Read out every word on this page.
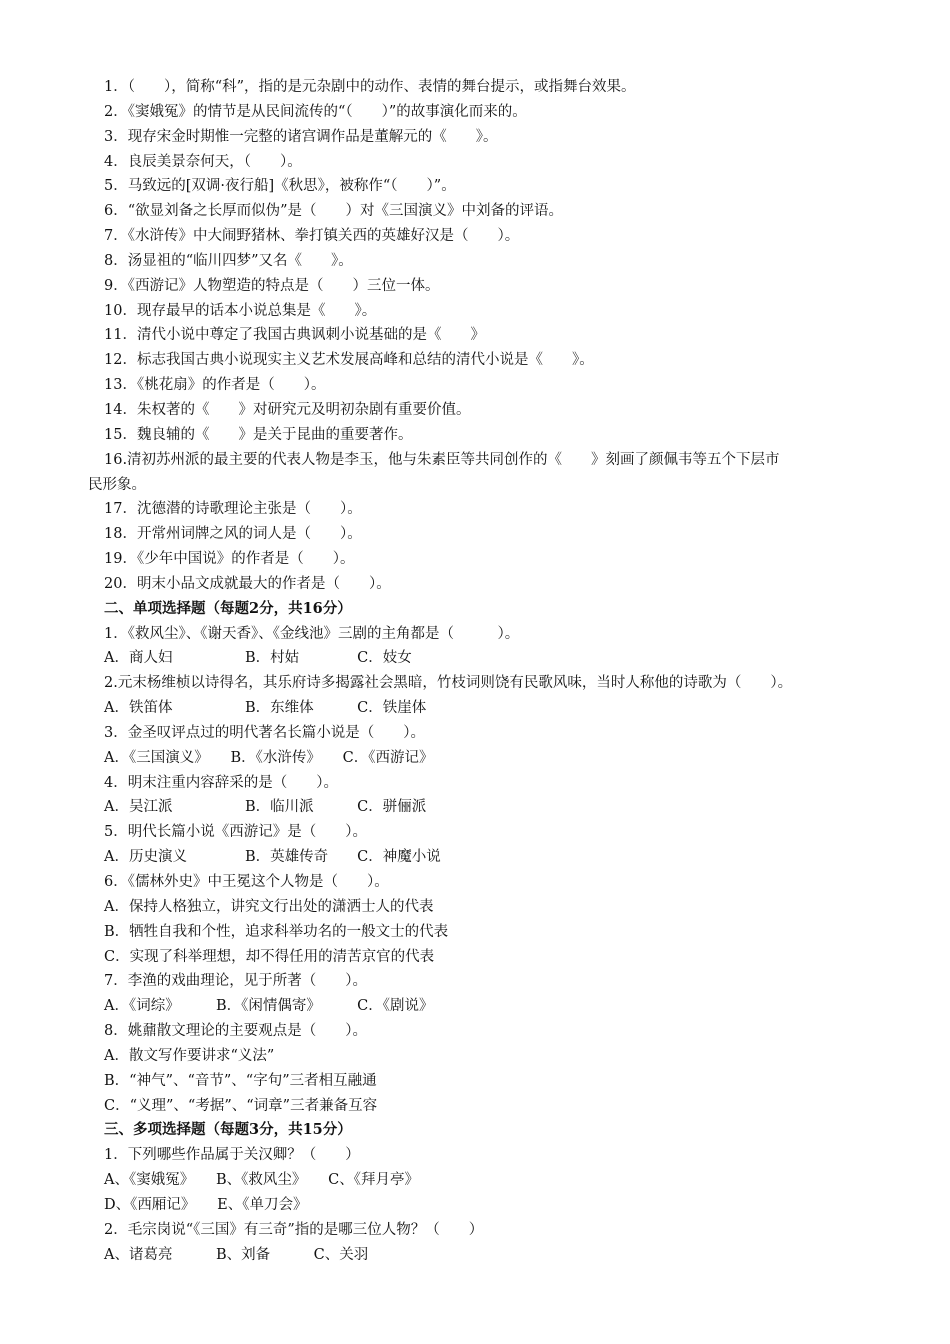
1．（　　），简称“科”，指的是元杂剧中的动作、表情的舞台提示，或指舞台效果。
2．《窦娥冤》的情节是从民间流传的“（　　）”的故事演化而来的。
3．现存宋金时期惟一完整的诸宫调作品是董解元的《　　》。
4．良辰美景奈何天，（　　）。
5．马致远的[双调·夜行船]《秋思》，被称作“（　　）”。
6．“欲显刘备之长厚而似伪”是（　　）对《三国演义》中刘备的评语。
7．《水浒传》中大闹野猪林、拳打镇关西的英雄好汉是（　　）。
8．汤显祖的“临川四梦”又名《　　》。
9．《西游记》人物塑造的特点是（　　）三位一体。
10．现存最早的话本小说总集是《　　》。
11．清代小说中尊定了我国古典讽刺小说基础的是《　　》
12．标志我国古典小说现实主义艺术发展高峰和总结的清代小说是《　　》。
13．《桃花扇》的作者是（　　）。
14．朱权著的《　　》对研究元及明初杂剧有重要价值。
15．魏良辅的《　　》是关于昆曲的重要著作。
16.清初苏州派的最主要的代表人物是李玉，他与朱素臣等共同创作的《　　》刻画了颜佩韦等五个下层市
民形象。
17．沈德潜的诗歌理论主张是（　　）。
18．开常州词牌之风的词人是（　　）。
19．《少年中国说》的作者是（　　）。
20．明末小品文成就最大的作者是（　　）。
二、单项选择题（每题2分，共16分）
1．《救风尘》、《谢天香》、《金线池》三剧的主角都是（　　　）。
A．商人妇　　　　　B．村姑　　　　C．妓女
2.元末杨维桢以诗得名，其乐府诗多揭露社会黑暗，竹枝词则饶有民歌风味，当时人称他的诗歌为（　　）。
A．铁笛体　　　　　B．东维体　　　C．铁崖体
3．金圣叹评点过的明代著名长篇小说是（　　）。
A．《三国演义》　　B．《水浒传》　　C．《西游记》
4．明末注重内容辞采的是（　　）。
A．吴江派　　　　　B．临川派　　　C．骈俪派
5．明代长篇小说《西游记》是（　　）。
A．历史演义　　　　B．英雄传奇　　C．神魔小说
6．《儒林外史》中王冕这个人物是（　　）。
A．保持人格独立，讲究文行出处的潇洒士人的代表
B．牺牲自我和个性，追求科举功名的一般文士的代表
C．实现了科举理想，却不得任用的清苦京官的代表
7．李渔的戏曲理论，见于所著（　　）。
A．《词综》　　　B．《闲情偶寄》　　　C．《剧说》
8．姚鼐散文理论的主要观点是（　　）。
A．散文写作要讲求“义法”
B．“神气”、“音节”、“字句”三者相互融通
C．“义理”、“考据”、“词章”三者兼备互容
三、多项选择题（每题3分，共15分）
1．下列哪些作品属于关汉卿？（　　）
A、《窦娥冤》　　B、《救风尘》　　C、《拜月亭》
D、《西厢记》　　E、《单刀会》
2．毛宗岗说“《三国》有三奇”指的是哪三位人物？（　　）
A、诸葛亮　　　B、刘备　　　C、关羽
